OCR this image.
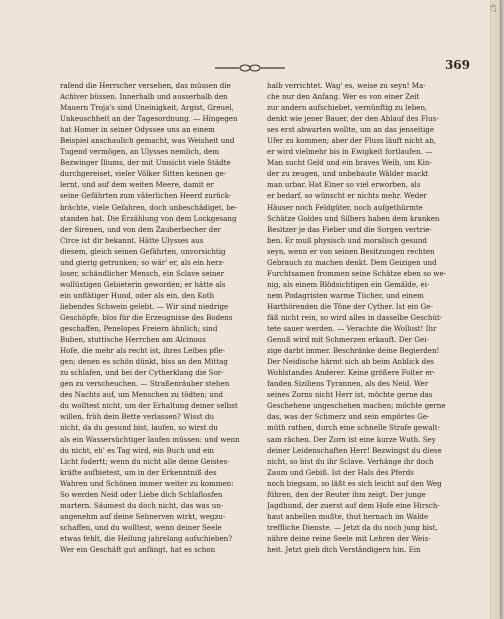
47
369
rafend die Herrscher versehen, das müssen die
Achiver büssen. Innerhalb und ausserhalb den
Mauern Troja's sind Uneinigkeit, Argist, Greuel,
Unkeuschheit an der Tagesordnung. — Hingegen
hat Homer in seiner Odyssee uns an einem
Beispiel anschaulich gemacht, was Weisheit und
Tugend vermögen, an Ulysses nemlich, dem
Bezwinger Iliums, der mit Umsicht viele Städte
durchgereiset, vieler Völker Sitten kennen ge-
lernt, und auf dem weiten Meere, damit er
seine Gefährten zum väterlichen Heerd zurück-
brächte, viele Gefahren, doch unbeschädiget, be-
standen hat. Die Erzählung von dem Lockgesang
der Sirenen, und von dem Zauberbecher der
Circe ist dir bekannt. Hätte Ulysses aus
diesem, gleich seinen Gefährten, unvorsichtig
und gierig getrunken; so wär' er, als ein herz-
loser, schändlicher Mensch, ein Sclave seiner
wollüstigen Gebieterin geworden; er hätte als
ein unflätiger Hund, oder als ein, den Koth
liebendes Schwein gelebt. — Wir sind niedrige
Geschöpfe, blos für die Erzeugnisse des Bodens
geschaffen, Penelopes Freiern ähnlich; sind
Buben, stuttische Herrchen am Alcinous
Hofe, die mehr als recht ist, ihres Leibes pfle-
gen; denen es schön dünkt, biss an den Mittag
zu schlafen, und bei der Cytherklang die Sor-
gen zu verscheuchen. — Straßenräuber stehen
des Nachts auf, um Menschen zu tödten; und
du wolltest nicht, um der Erhaltung deiner selbst
willen, früh dein Bette verlassen? Wisst du
nicht, da du gesund bist, laufen, so wirst du
als ein Wassersüchtiger laufen müssen: und wenn
du nicht, eh' es Tag wird, ein Buch und ein
Licht fodertt; wenn du nicht alle deine Geistes-
kräfte aufbietest, um in der Erkenntniß des
Wahren und Schönen immer weiter zu kommen:
So werden Neid oder Liebe dich Schlaflosfen
martern. Säumest du doch nicht, das was un-
angenehm auf deine Sehnerven wirkt, wegzu-
schaffen, und du wolltest, wenn deiner Seele
etwas fehlt, die Heilung jahrelang aufschieben?
Wer ein Geschäft gut anfängt, hat es schon
halb verrichtet. Wag' es, weise zu seyn! Ma-
che nur den Anfang. Wer es von einer Zeit
zur andern aufschiebet, vernünftig zu leben,
denkt wie jener Bauer, der den Ablauf des Flus-
ses erst abwarten wollte, um an das jenseitige
Ufer zu kommen; aber der Fluss läuft nicht ab,
er wird vielmehr bis in Ewigkeit fortlaufen. —
Man sucht Geld und ein braves Weib, um Kin-
der zu zeugen, und unbebaute Wälder mackt
man urbar. Hat Einer so viel erworben, als
er bedarf, so wünscht er nichts mehr. Weder
Häuser noch Feldgüter, noch aufgethürmte
Schätze Goldes und Silbers haben dem kranken
Besitzer je das Fieber und die Sorgen vertrie-
ben. Er muß physisch und moralisch gesund
seyn, wenn er von seinen Besitzungen rechten
Gebrauch zu machen denkt. Dem Geizigen und
Furchtsamen frommen seine Schätze eben so we-
nig, als einem Blödsichtigen ein Gemälde, ei-
nem Podagristen warme Tücher, und einem
Harthörenden die Töne der Cyther. Ist ein Ge-
fäß nicht rein, so wird alles in dasselbe Geschüt-
tete sauer werden. — Verachte die Wollust! Ihr
Genuß wird mit Schmerzen erkauft. Der Gei-
zige darbt immer. Beschränke deine Begierden!
Der Neidische härmt sich ab beim Anblick des
Wohlstandes Anderer. Keine größere Folter er-
fanden Siziliens Tyrannen, als des Neid. Wer
seines Zorns nicht Herr ist, möchte gerne das
Geschehene ungeschehen machen; möchte gerne
das, was der Schmerz und sein empörtes Ge-
müth rathen, durch eine schnelle Strafe gewalt-
sam rächen. Der Zorn ist eine kurze Wuth. Sey
deiner Leidenschaften Herr! Bezwingst du diese
nicht, so bist du ihr Sclave. Verhänge ihr doch
Zaum und Gebiß. Ist der Hals des Pferds
noch biegsam, so läßt es sich leicht auf den Weg
führen, den der Reuter ihm zeigt. Der junge
Jagdhund, der zuerst auf dem Hofe eine Hirsch-
haut anbellen mußte, thut hernach im Walde
treffliche Dienste. — Jetzt da du noch jung bist,
nähre deine reine Seele mit Lehren der Weis-
heit. Jetzt gieb dich Verständigern hin. Ein
